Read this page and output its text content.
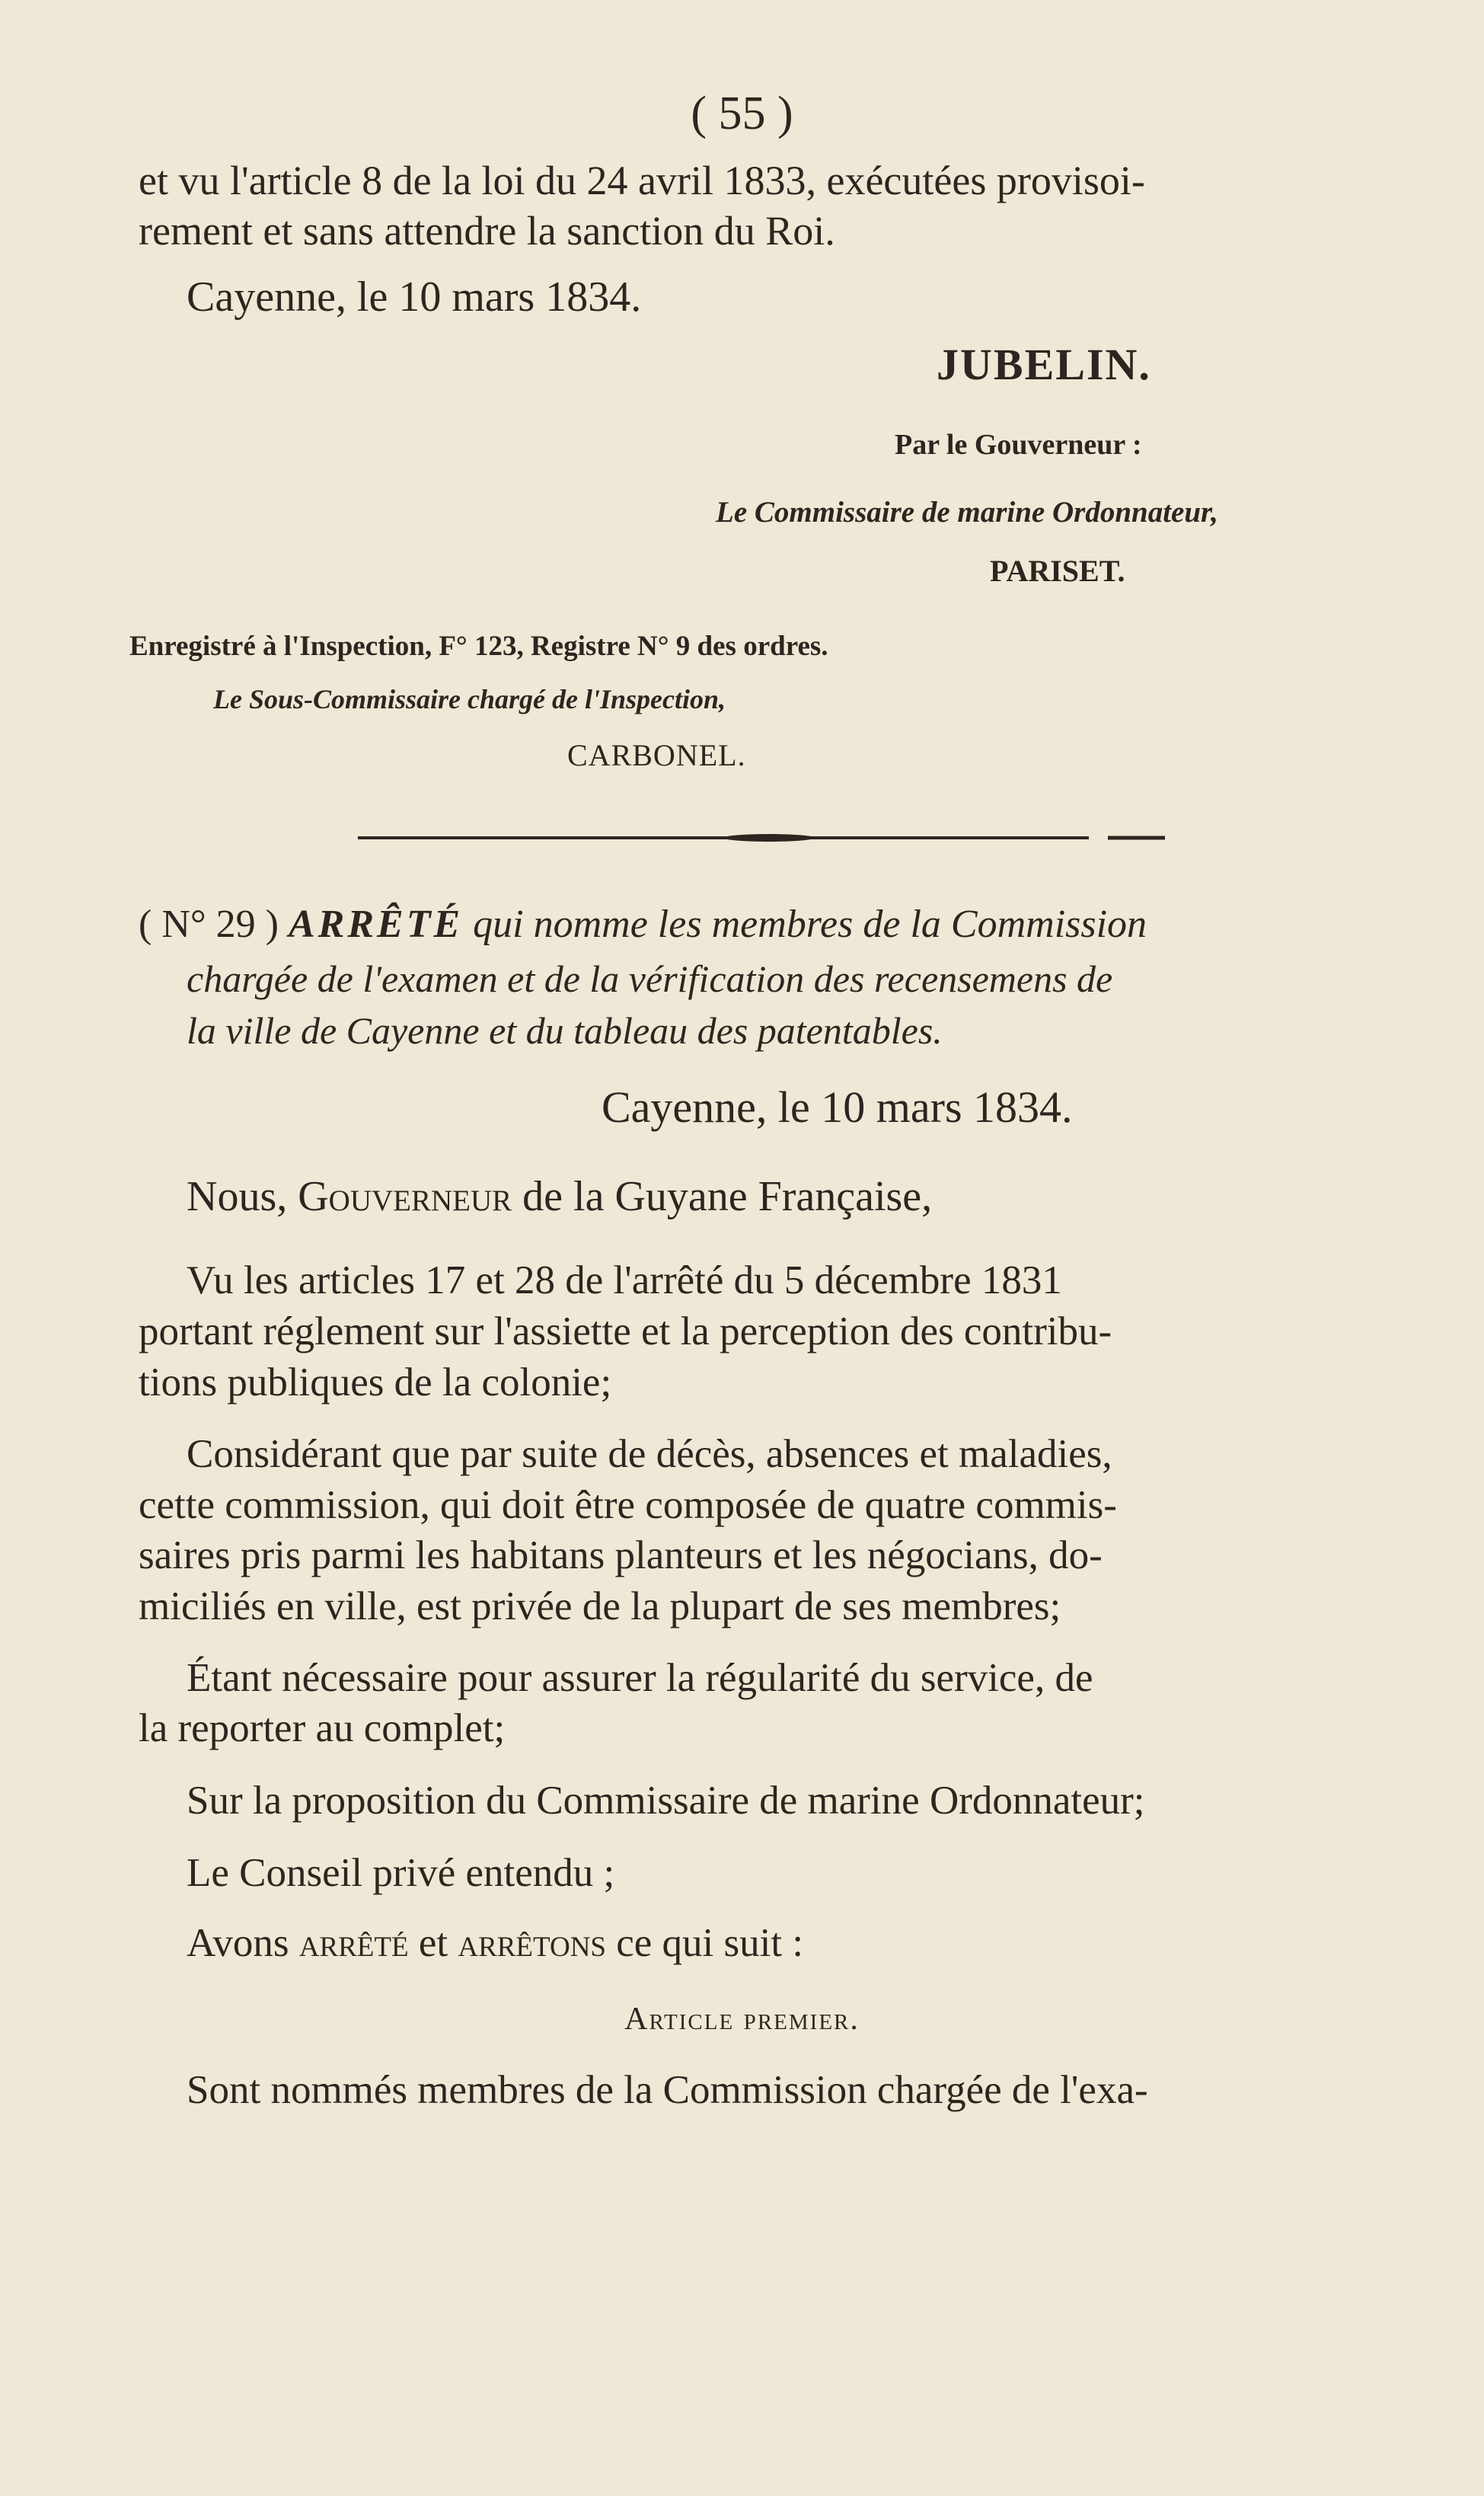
( 55 )
et vu l'article 8 de la loi du 24 avril 1833, exécutées provisoi-
rement et sans attendre la sanction du Roi.
Cayenne, le 10 mars 1834.
JUBELIN.
Par le Gouverneur :
Le Commissaire de marine Ordonnateur,
PARISET.
Enregistré à l'Inspection, F° 123, Registre N° 9 des ordres.
Le Sous-Commissaire chargé de l'Inspection,
CARBONEL.
( N° 29 ) ARRÊTÉ qui nomme les membres de la Commission
chargée de l'examen et de la vérification des recensemens de
la ville de Cayenne et du tableau des patentables.
Cayenne, le 10 mars 1834.
Nous, Gouverneur de la Guyane Française,
Vu les articles 17 et 28 de l'arrêté du 5 décembre 1831
portant réglement sur l'assiette et la perception des contribu-
tions publiques de la colonie;
Considérant que par suite de décès, absences et maladies,
cette commission, qui doit être composée de quatre commis-
saires pris parmi les habitans planteurs et les négocians, do-
miciliés en ville, est privée de la plupart de ses membres;
Étant nécessaire pour assurer la régularité du service, de
la reporter au complet;
Sur la proposition du Commissaire de marine Ordonnateur;
Le Conseil privé entendu ;
Avons arrêté et arrêtons ce qui suit :
Article premier.
Sont nommés membres de la Commission chargée de l'exa-
